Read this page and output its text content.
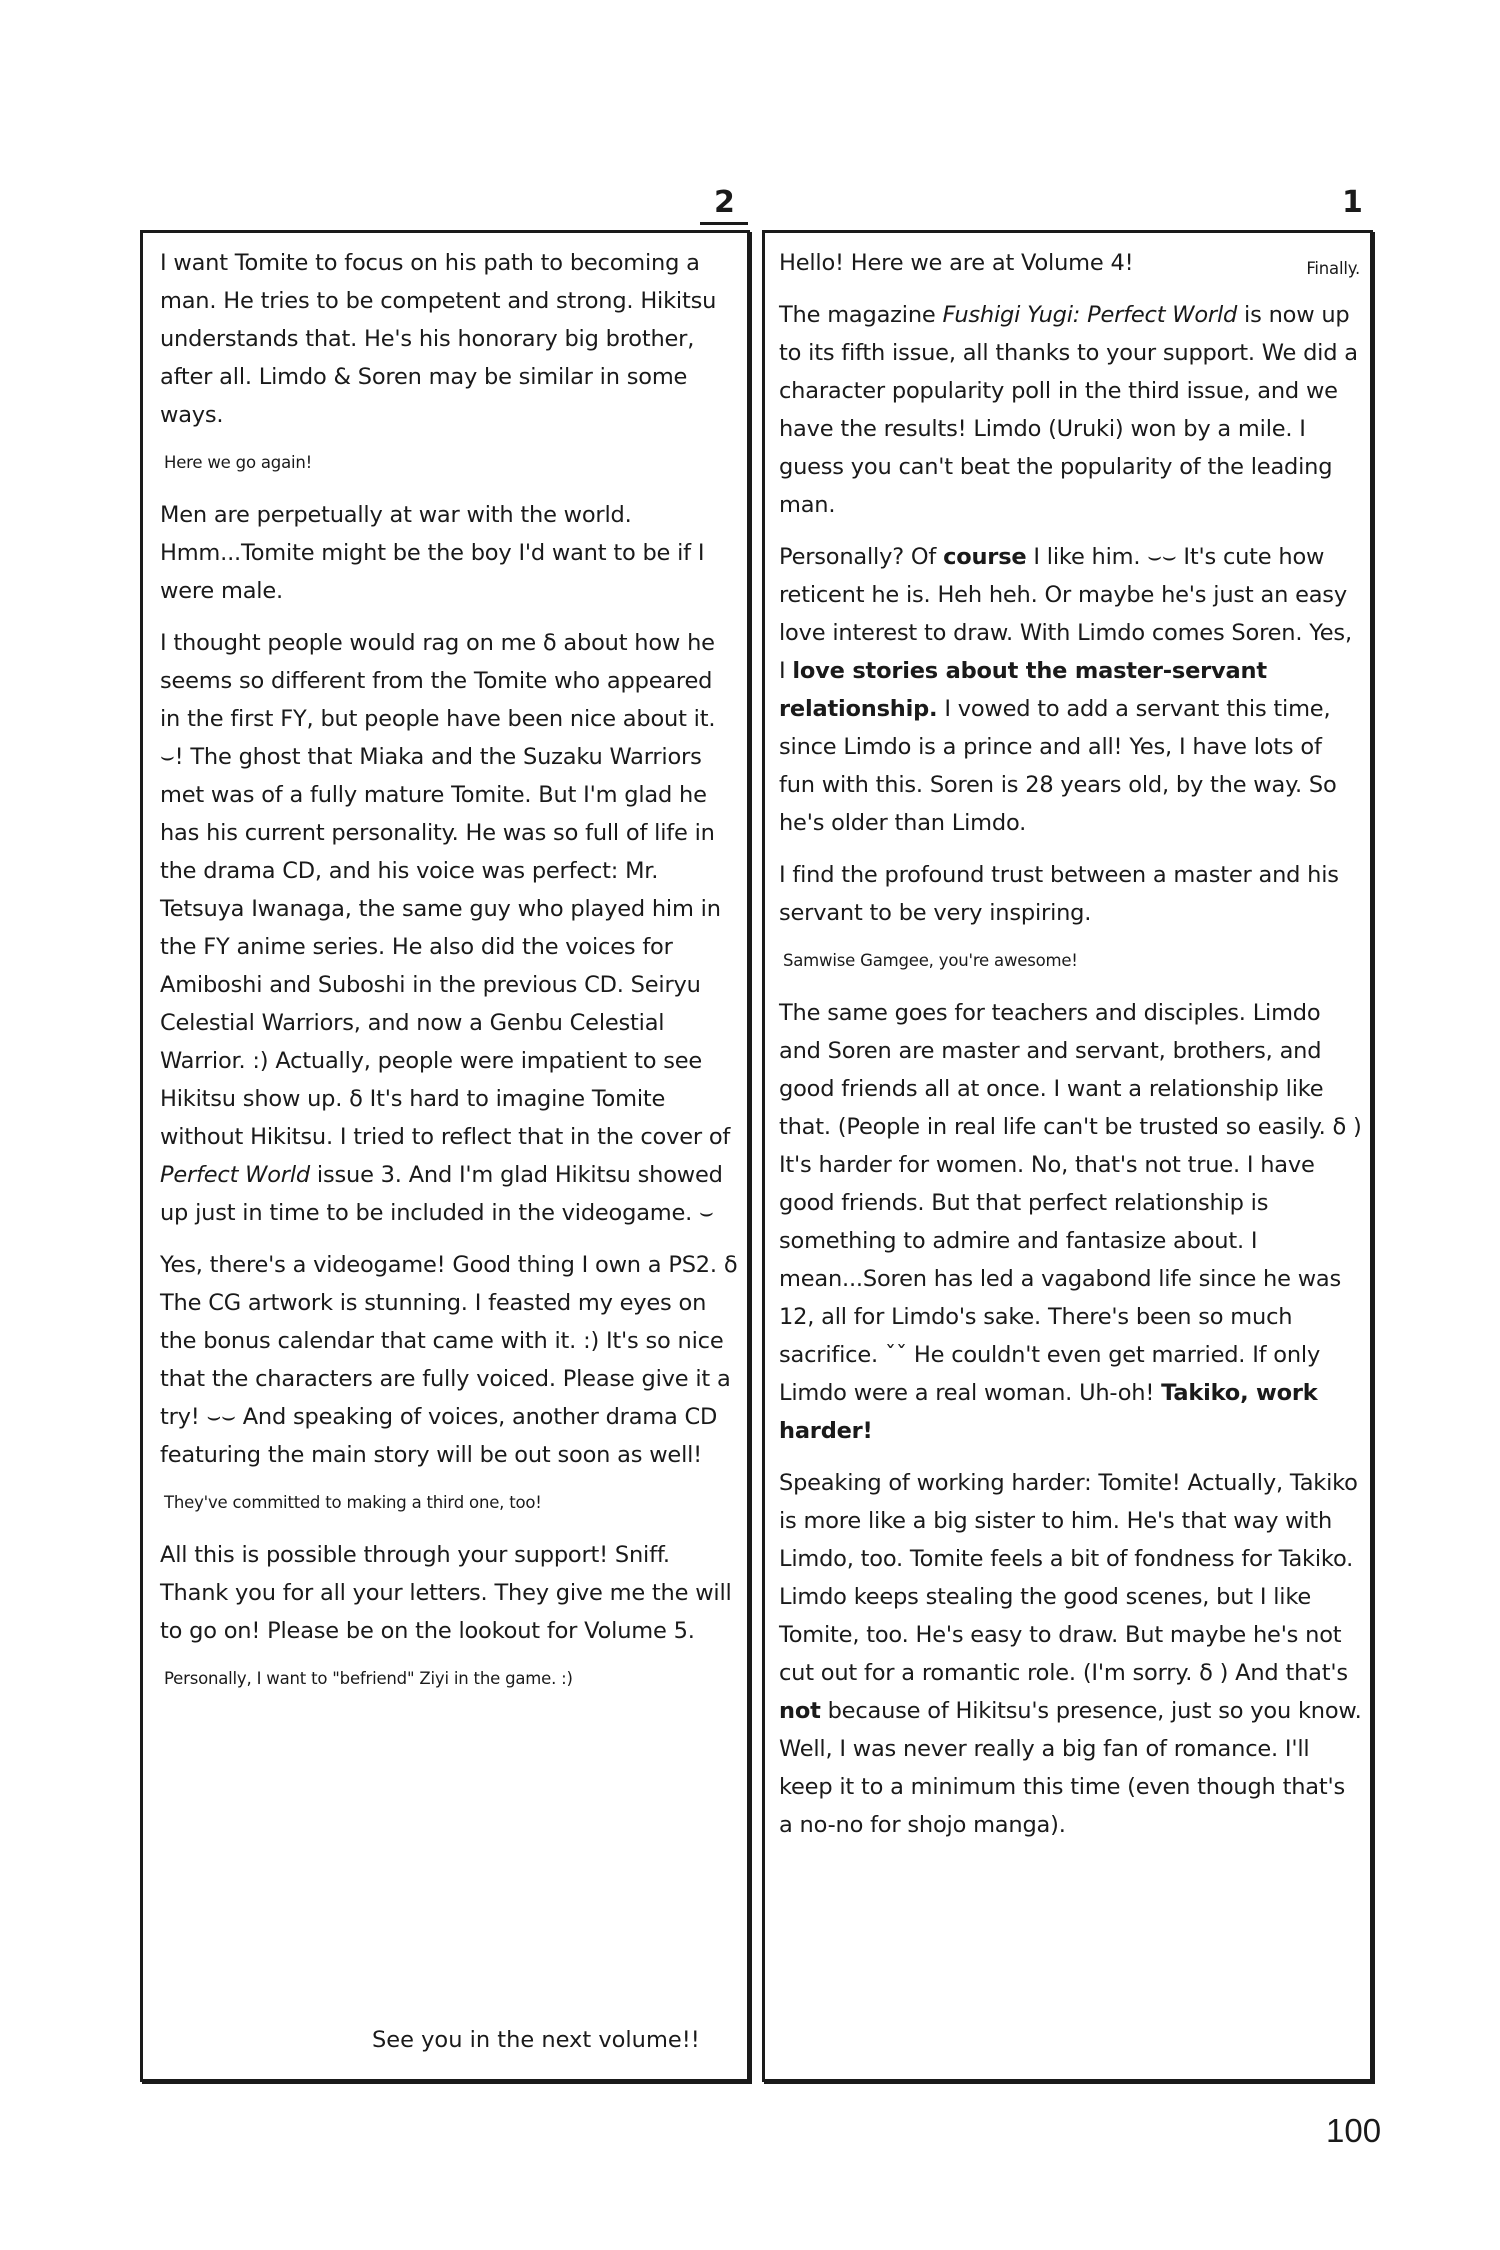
2	1

I want Tomite to focus on his path to becoming a man. He tries to be competent and strong. Hikitsu understands that. He's his honorary big brother, after all. Limdo & Soren may be similar in some ways.

Here we go again!

Men are perpetually at war with the world. Hmm...Tomite might be the boy I'd want to be if I were male.

I thought people would rag on me δ about how he seems so different from the Tomite who appeared in the first FY, but people have been nice about it. ⌣! The ghost that Miaka and the Suzaku Warriors met was of a fully mature Tomite. But I'm glad he has his current personality. He was so full of life in the drama CD, and his voice was perfect: Mr. Tetsuya Iwanaga, the same guy who played him in the FY anime series. He also did the voices for Amiboshi and Suboshi in the previous CD. Seiryu Celestial Warriors, and now a Genbu Celestial Warrior. :) Actually, people were impatient to see Hikitsu show up. δ It's hard to imagine Tomite without Hikitsu. I tried to reflect that in the cover of Perfect World issue 3. And I'm glad Hikitsu showed up just in time to be included in the videogame. ⌣

Yes, there's a videogame! Good thing I own a PS2. δ The CG artwork is stunning. I feasted my eyes on the bonus calendar that came with it. :) It's so nice that the characters are fully voiced. Please give it a try! ⌣⌣ And speaking of voices, another drama CD featuring the main story will be out soon as well!

They've committed to making a third one, too!

All this is possible through your support! Sniff. Thank you for all your letters. They give me the will to go on! Please be on the lookout for Volume 5.

Personally, I want to "befriend" Ziyi in the game. :)

See you in the next volume!!

Hello! Here we are at Volume 4!	Finally.

The magazine Fushigi Yugi: Perfect World is now up to its fifth issue, all thanks to your support. We did a character popularity poll in the third issue, and we have the results! Limdo (Uruki) won by a mile. I guess you can't beat the popularity of the leading man.

Personally? Of course I like him. ⌣⌣ It's cute how reticent he is. Heh heh. Or maybe he's just an easy love interest to draw. With Limdo comes Soren. Yes, I love stories about the master-servant relationship. I vowed to add a servant this time, since Limdo is a prince and all! Yes, I have lots of fun with this. Soren is 28 years old, by the way. So he's older than Limdo.

I find the profound trust between a master and his servant to be very inspiring.

Samwise Gamgee, you're awesome!

The same goes for teachers and disciples. Limdo and Soren are master and servant, brothers, and good friends all at once. I want a relationship like that. (People in real life can't be trusted so easily. δ ) It's harder for women. No, that's not true. I have good friends. But that perfect relationship is something to admire and fantasize about. I mean...Soren has led a vagabond life since he was 12, all for Limdo's sake. There's been so much sacrifice. ˇˇ He couldn't even get married. If only Limdo were a real woman. Uh-oh! Takiko, work harder!

Speaking of working harder: Tomite! Actually, Takiko is more like a big sister to him. He's that way with Limdo, too. Tomite feels a bit of fondness for Takiko. Limdo keeps stealing the good scenes, but I like Tomite, too. He's easy to draw. But maybe he's not cut out for a romantic role. (I'm sorry. δ ) And that's not because of Hikitsu's presence, just so you know. Well, I was never really a big fan of romance. I'll keep it to a minimum this time (even though that's a no-no for shojo manga).

100
